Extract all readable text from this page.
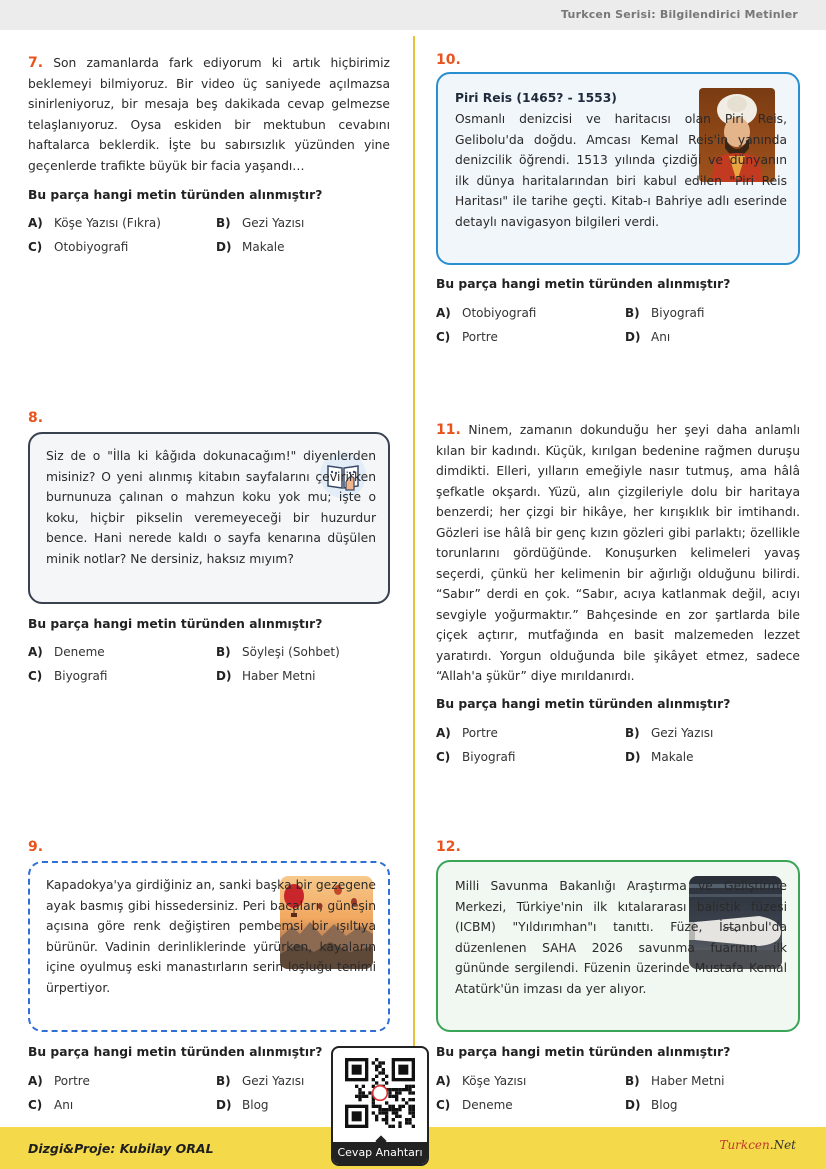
Turkcen Serisi: Bilgilendirici Metinler
7. Son zamanlarda fark ediyorum ki artık hiçbirimiz beklemeyi bilmiyoruz. Bir video üç saniyede açılmazsa sinirleniyoruz, bir mesaja beş dakikada cevap gelmezse telaşlanıyoruz. Oysa eskiden bir mektubun cevabını haftalarca beklerdik. İşte bu sabırsızlık yüzünden yine geçenlerde trafikte büyük bir facia yaşandı…
Bu parça hangi metin türünden alınmıştır?
A) Köşe Yazısı (Fıkra)	B) Gezi Yazısı
C) Otobiyografi	D) Makale
8.
Siz de o "İlla ki kâğıda dokunacağım!" diyenlerden misiniz? O yeni alınmış kitabın sayfalarını çevirirken burnunuza çalınan o mahzun koku yok mu; işte o koku, hiçbir pikselin veremeyeceği bir huzurdur bence. Hani nerede kaldı o sayfa kenarına düşülen minik notlar? Ne dersiniz, haksız mıyım?
Bu parça hangi metin türünden alınmıştır?
A) Deneme	B) Söyleşi (Sohbet)
C) Biyografi	D) Haber Metni
9.
Kapadokya'ya girdiğiniz an, sanki başka bir gezegene ayak basmış gibi hissedersiniz. Peri bacaları, güneşin açısına göre renk değiştiren pembemsi bir ışıltıya bürünür. Vadinin derinliklerinde yürürken, kayaların içine oyulmuş eski manastırların serin loşluğu tenimi ürpertiyor.
Bu parça hangi metin türünden alınmıştır?
A) Portre	B) Gezi Yazısı
C) Anı	D) Blog
10.
Piri Reis (1465? - 1553)
Osmanlı denizcisi ve haritacısı olan Piri Reis, Gelibolu'da doğdu. Amcası Kemal Reis'in yanında denizcilik öğrendi. 1513 yılında çizdiği ve dünyanın ilk dünya haritalarından biri kabul edilen "Piri Reis Haritası" ile tarihe geçti. Kitab-ı Bahriye adlı eserinde detaylı navigasyon bilgileri verdi.
Bu parça hangi metin türünden alınmıştır?
A) Otobiyografi	B) Biyografi
C) Portre	D) Anı
11. Ninem, zamanın dokunduğu her şeyi daha anlamlı kılan bir kadındı. Küçük, kırılgan bedenine rağmen duruşu dimdikti. Elleri, yılların emeğiyle nasır tutmuş, ama hâlâ şefkatle okşardı. Yüzü, alın çizgileriyle dolu bir haritaya benzerdi; her çizgi bir hikâye, her kırışıklık bir imtihandı. Gözleri ise hâlâ bir genç kızın gözleri gibi parlaktı; özellikle torunlarını gördüğünde. Konuşurken kelimeleri yavaş seçerdi, çünkü her kelimenin bir ağırlığı olduğunu bilirdi. “Sabır” derdi en çok. “Sabır, acıya katlanmak değil, acıyı sevgiyle yoğurmaktır.” Bahçesinde en zor şartlarda bile çiçek açtırır, mutfağında en basit malzemeden lezzet yaratırdı. Yorgun olduğunda bile şikâyet etmez, sadece “Allah'a şükür” diye mırıldanırdı.
Bu parça hangi metin türünden alınmıştır?
A) Portre	B) Gezi Yazısı
C) Biyografi	D) Makale
12.
Milli Savunma Bakanlığı Araştırma ve Geliştirme Merkezi, Türkiye'nin ilk kıtalararası balistik füzesi (ICBM) "Yıldırımhan"ı tanıttı. Füze, İstanbul'da düzenlenen SAHA 2026 savunma fuarının ilk gününde sergilendi. Füzenin üzerinde Mustafa Kemal Atatürk'ün imzası da yer alıyor.
Bu parça hangi metin türünden alınmıştır?
A) Köşe Yazısı	B) Haber Metni
C) Deneme	D) Blog
Dizgi&Proje: Kubilay ORAL	Turkcen.Net
Cevap Anahtarı
